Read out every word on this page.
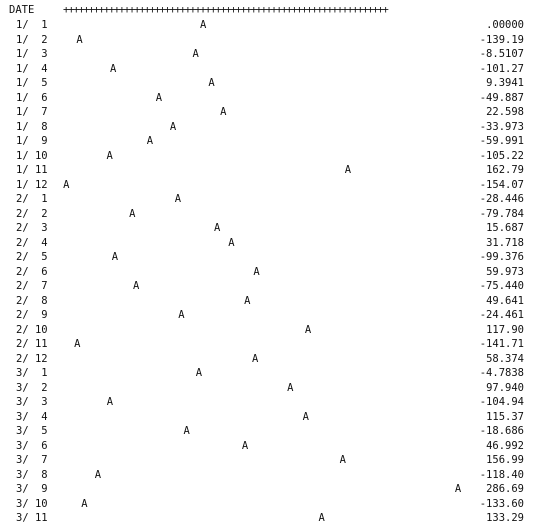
DATE	++++++++++++++++++++++++++++++++++++++++++++++++++++++++++++++++
1/  1	A	.00000
1/  2	A	-139.19
1/  3	A	-8.5107
1/  4	A	-101.27
1/  5	A	9.3941
1/  6	A	-49.887
1/  7	A	22.598
1/  8	A	-33.973
1/  9	A	-59.991
1/ 10	A	-105.22
1/ 11	A	162.79
1/ 12 A	-154.07
2/  1	A	-28.446
2/  2	A	-79.784
2/  3	A	15.687
2/  4	A	31.718
2/  5	A	-99.376
2/  6	A	59.973
2/  7	A	-75.440
2/  8	A	49.641
2/  9	A	-24.461
2/ 10	A	117.90
2/ 11	A	-141.71
2/ 12	A	58.374
3/  1	A	-4.7838
3/  2	A	97.940
3/  3	A	-104.94
3/  4	A	115.37
3/  5	A	-18.686
3/  6	A	46.992
3/  7	A	156.99
3/  8	A	-118.40
3/  9	A 286.69
3/ 10	A	-133.60
3/ 11	A	133.29
